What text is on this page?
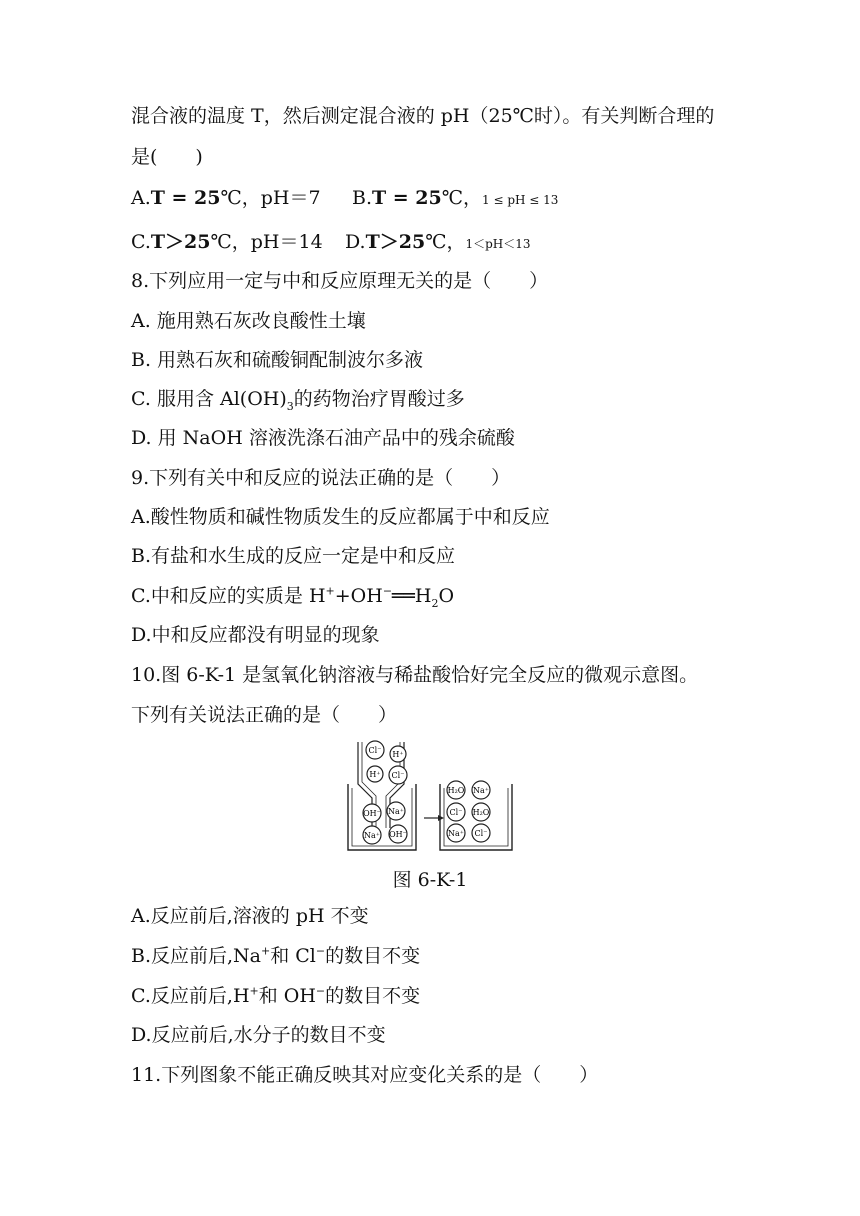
混合液的温度 T，然后测定混合液的 pH（25℃时）。有关判断合理的
是(　　)
A.T = 25℃，pH＝7 B.T = 25℃，1 ≤ pH ≤ 13
C.T＞25℃，pH＝14 D.T＞25℃，1＜pH＜13
8.下列应用一定与中和反应原理无关的是（　　）
A. 施用熟石灰改良酸性土壤
B. 用熟石灰和硫酸铜配制波尔多液
C. 服用含 $Al(OH)_3$的药物治疗胃酸过多
D. 用 NaOH 溶液洗涤石油产品中的残余硫酸
9.下列有关中和反应的说法正确的是（　　）
A.酸性物质和碱性物质发生的反应都属于中和反应
B.有盐和水生成的反应一定是中和反应
C.中和反应的实质是 $H^++OH^-══H_2O$
D.中和反应都没有明显的现象
10.图 6-K-1 是氢氧化钠溶液与稀盐酸恰好完全反应的微观示意图。
下列有关说法正确的是（　　）
Cl⁻ H⁺
H⁺ Cl⁻
OH⁻ Na⁺
Na⁺ OH⁻
H₂O Na⁺
Cl⁻ H₂O
Na⁺ Cl⁻
图 6-K-1
A.反应前后,溶液的 pH 不变
B.反应前后,Na+和 Cl−的数目不变
C.反应前后,H+和 OH−的数目不变
D.反应前后,水分子的数目不变
11.下列图象不能正确反映其对应变化关系的是（　　）
